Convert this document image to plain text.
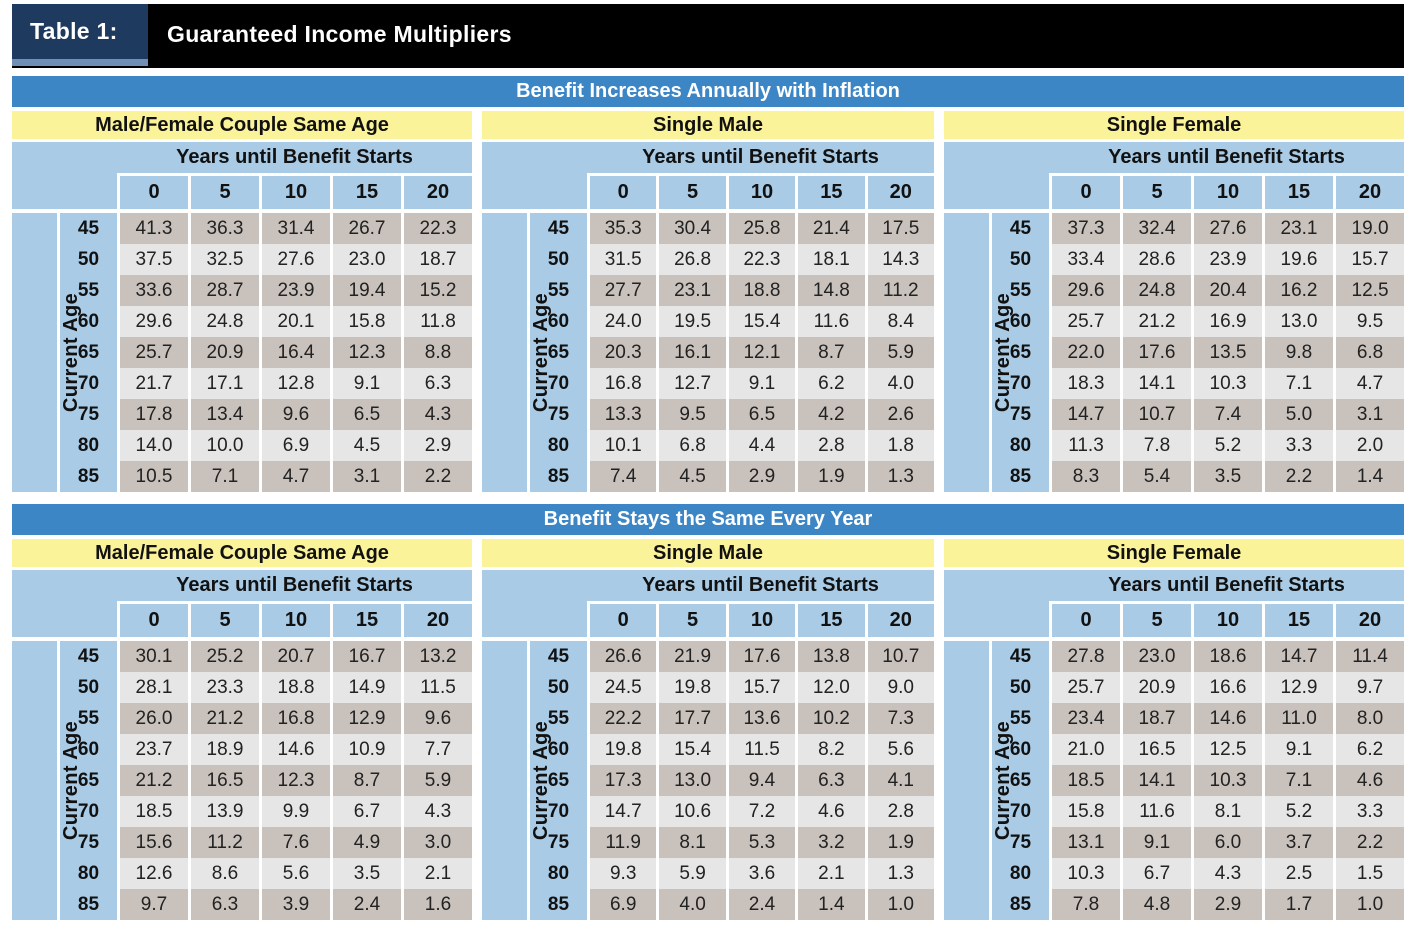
Table 1: Guaranteed Income Multipliers
Benefit Increases Annually with Inflation
Benefit Stays the Same Every Year
Male/Female Couple Same Age						
		Years until Benefit Starts				
		0	5	10	15	20
Current Age	45	41.3	36.3	31.4	26.7	22.3
	50	37.5	32.5	27.6	23.0	18.7
	55	33.6	28.7	23.9	19.4	15.2
	60	29.6	24.8	20.1	15.8	11.8
	65	25.7	20.9	16.4	12.3	8.8
	70	21.7	17.1	12.8	9.1	6.3
	75	17.8	13.4	9.6	6.5	4.3
	80	14.0	10.0	6.9	4.5	2.9
	85	10.5	7.1	4.7	3.1	2.2
Single Male						
		Years until Benefit Starts				
		0	5	10	15	20
Current Age	45	35.3	30.4	25.8	21.4	17.5
	50	31.5	26.8	22.3	18.1	14.3
	55	27.7	23.1	18.8	14.8	11.2
	60	24.0	19.5	15.4	11.6	8.4
	65	20.3	16.1	12.1	8.7	5.9
	70	16.8	12.7	9.1	6.2	4.0
	75	13.3	9.5	6.5	4.2	2.6
	80	10.1	6.8	4.4	2.8	1.8
	85	7.4	4.5	2.9	1.9	1.3
Single Female						
		Years until Benefit Starts				
		0	5	10	15	20
Current Age	45	37.3	32.4	27.6	23.1	19.0
	50	33.4	28.6	23.9	19.6	15.7
	55	29.6	24.8	20.4	16.2	12.5
	60	25.7	21.2	16.9	13.0	9.5
	65	22.0	17.6	13.5	9.8	6.8
	70	18.3	14.1	10.3	7.1	4.7
	75	14.7	10.7	7.4	5.0	3.1
	80	11.3	7.8	5.2	3.3	2.0
	85	8.3	5.4	3.5	2.2	1.4
Male/Female Couple Same Age						
		Years until Benefit Starts				
		0	5	10	15	20
Current Age	45	30.1	25.2	20.7	16.7	13.2
	50	28.1	23.3	18.8	14.9	11.5
	55	26.0	21.2	16.8	12.9	9.6
	60	23.7	18.9	14.6	10.9	7.7
	65	21.2	16.5	12.3	8.7	5.9
	70	18.5	13.9	9.9	6.7	4.3
	75	15.6	11.2	7.6	4.9	3.0
	80	12.6	8.6	5.6	3.5	2.1
	85	9.7	6.3	3.9	2.4	1.6
Single Male						
		Years until Benefit Starts				
		0	5	10	15	20
Current Age	45	26.6	21.9	17.6	13.8	10.7
	50	24.5	19.8	15.7	12.0	9.0
	55	22.2	17.7	13.6	10.2	7.3
	60	19.8	15.4	11.5	8.2	5.6
	65	17.3	13.0	9.4	6.3	4.1
	70	14.7	10.6	7.2	4.6	2.8
	75	11.9	8.1	5.3	3.2	1.9
	80	9.3	5.9	3.6	2.1	1.3
	85	6.9	4.0	2.4	1.4	1.0
Single Female						
		Years until Benefit Starts				
		0	5	10	15	20
Current Age	45	27.8	23.0	18.6	14.7	11.4
	50	25.7	20.9	16.6	12.9	9.7
	55	23.4	18.7	14.6	11.0	8.0
	60	21.0	16.5	12.5	9.1	6.2
	65	18.5	14.1	10.3	7.1	4.6
	70	15.8	11.6	8.1	5.2	3.3
	75	13.1	9.1	6.0	3.7	2.2
	80	10.3	6.7	4.3	2.5	1.5
	85	7.8	4.8	2.9	1.7	1.0
